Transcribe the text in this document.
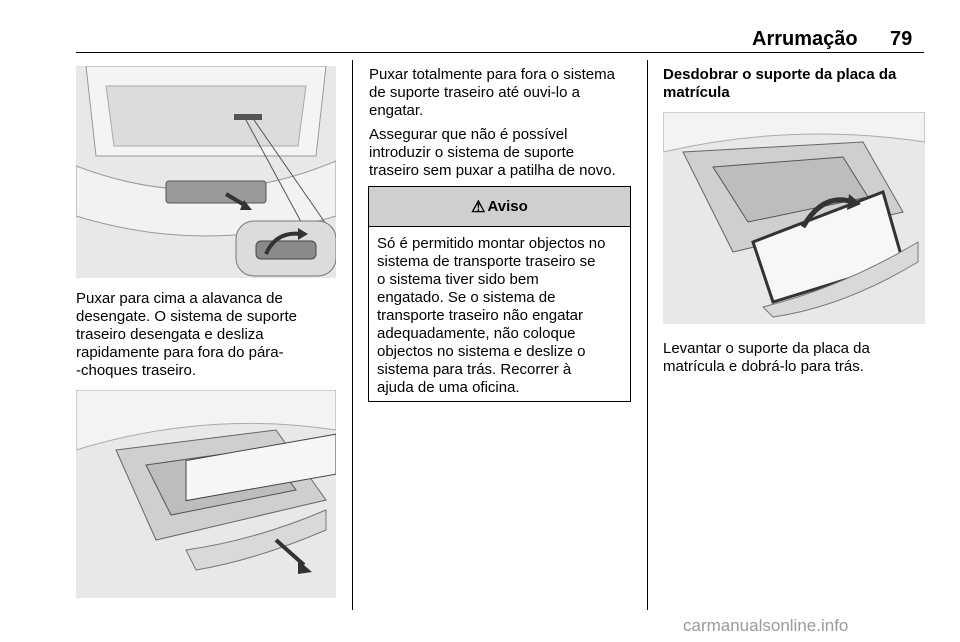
Arrumação 79

Puxar para cima a alavanca de

desengate. O sistema de suporte

traseiro desengata e desliza

rapidamente para fora do pára-

-choques traseiro.

Puxar totalmente para fora o sistema

de suporte traseiro até ouvi-lo a

engatar.

Assegurar que não é possível

introduzir o sistema de suporte

traseiro sem puxar a patilha de novo.

⚠ Aviso
Só é permitido montar objectos no
sistema de transporte traseiro se
o sistema tiver sido bem
engatado. Se o sistema de
transporte traseiro não engatar
adequadamente, não coloque
objectos no sistema e deslize o
sistema para trás. Recorrer à
ajuda de uma oficina.

Desdobrar o suporte da placa da

matrícula

Levantar o suporte da placa da

matrícula e dobrá-lo para trás.

carmanualsonline.info
